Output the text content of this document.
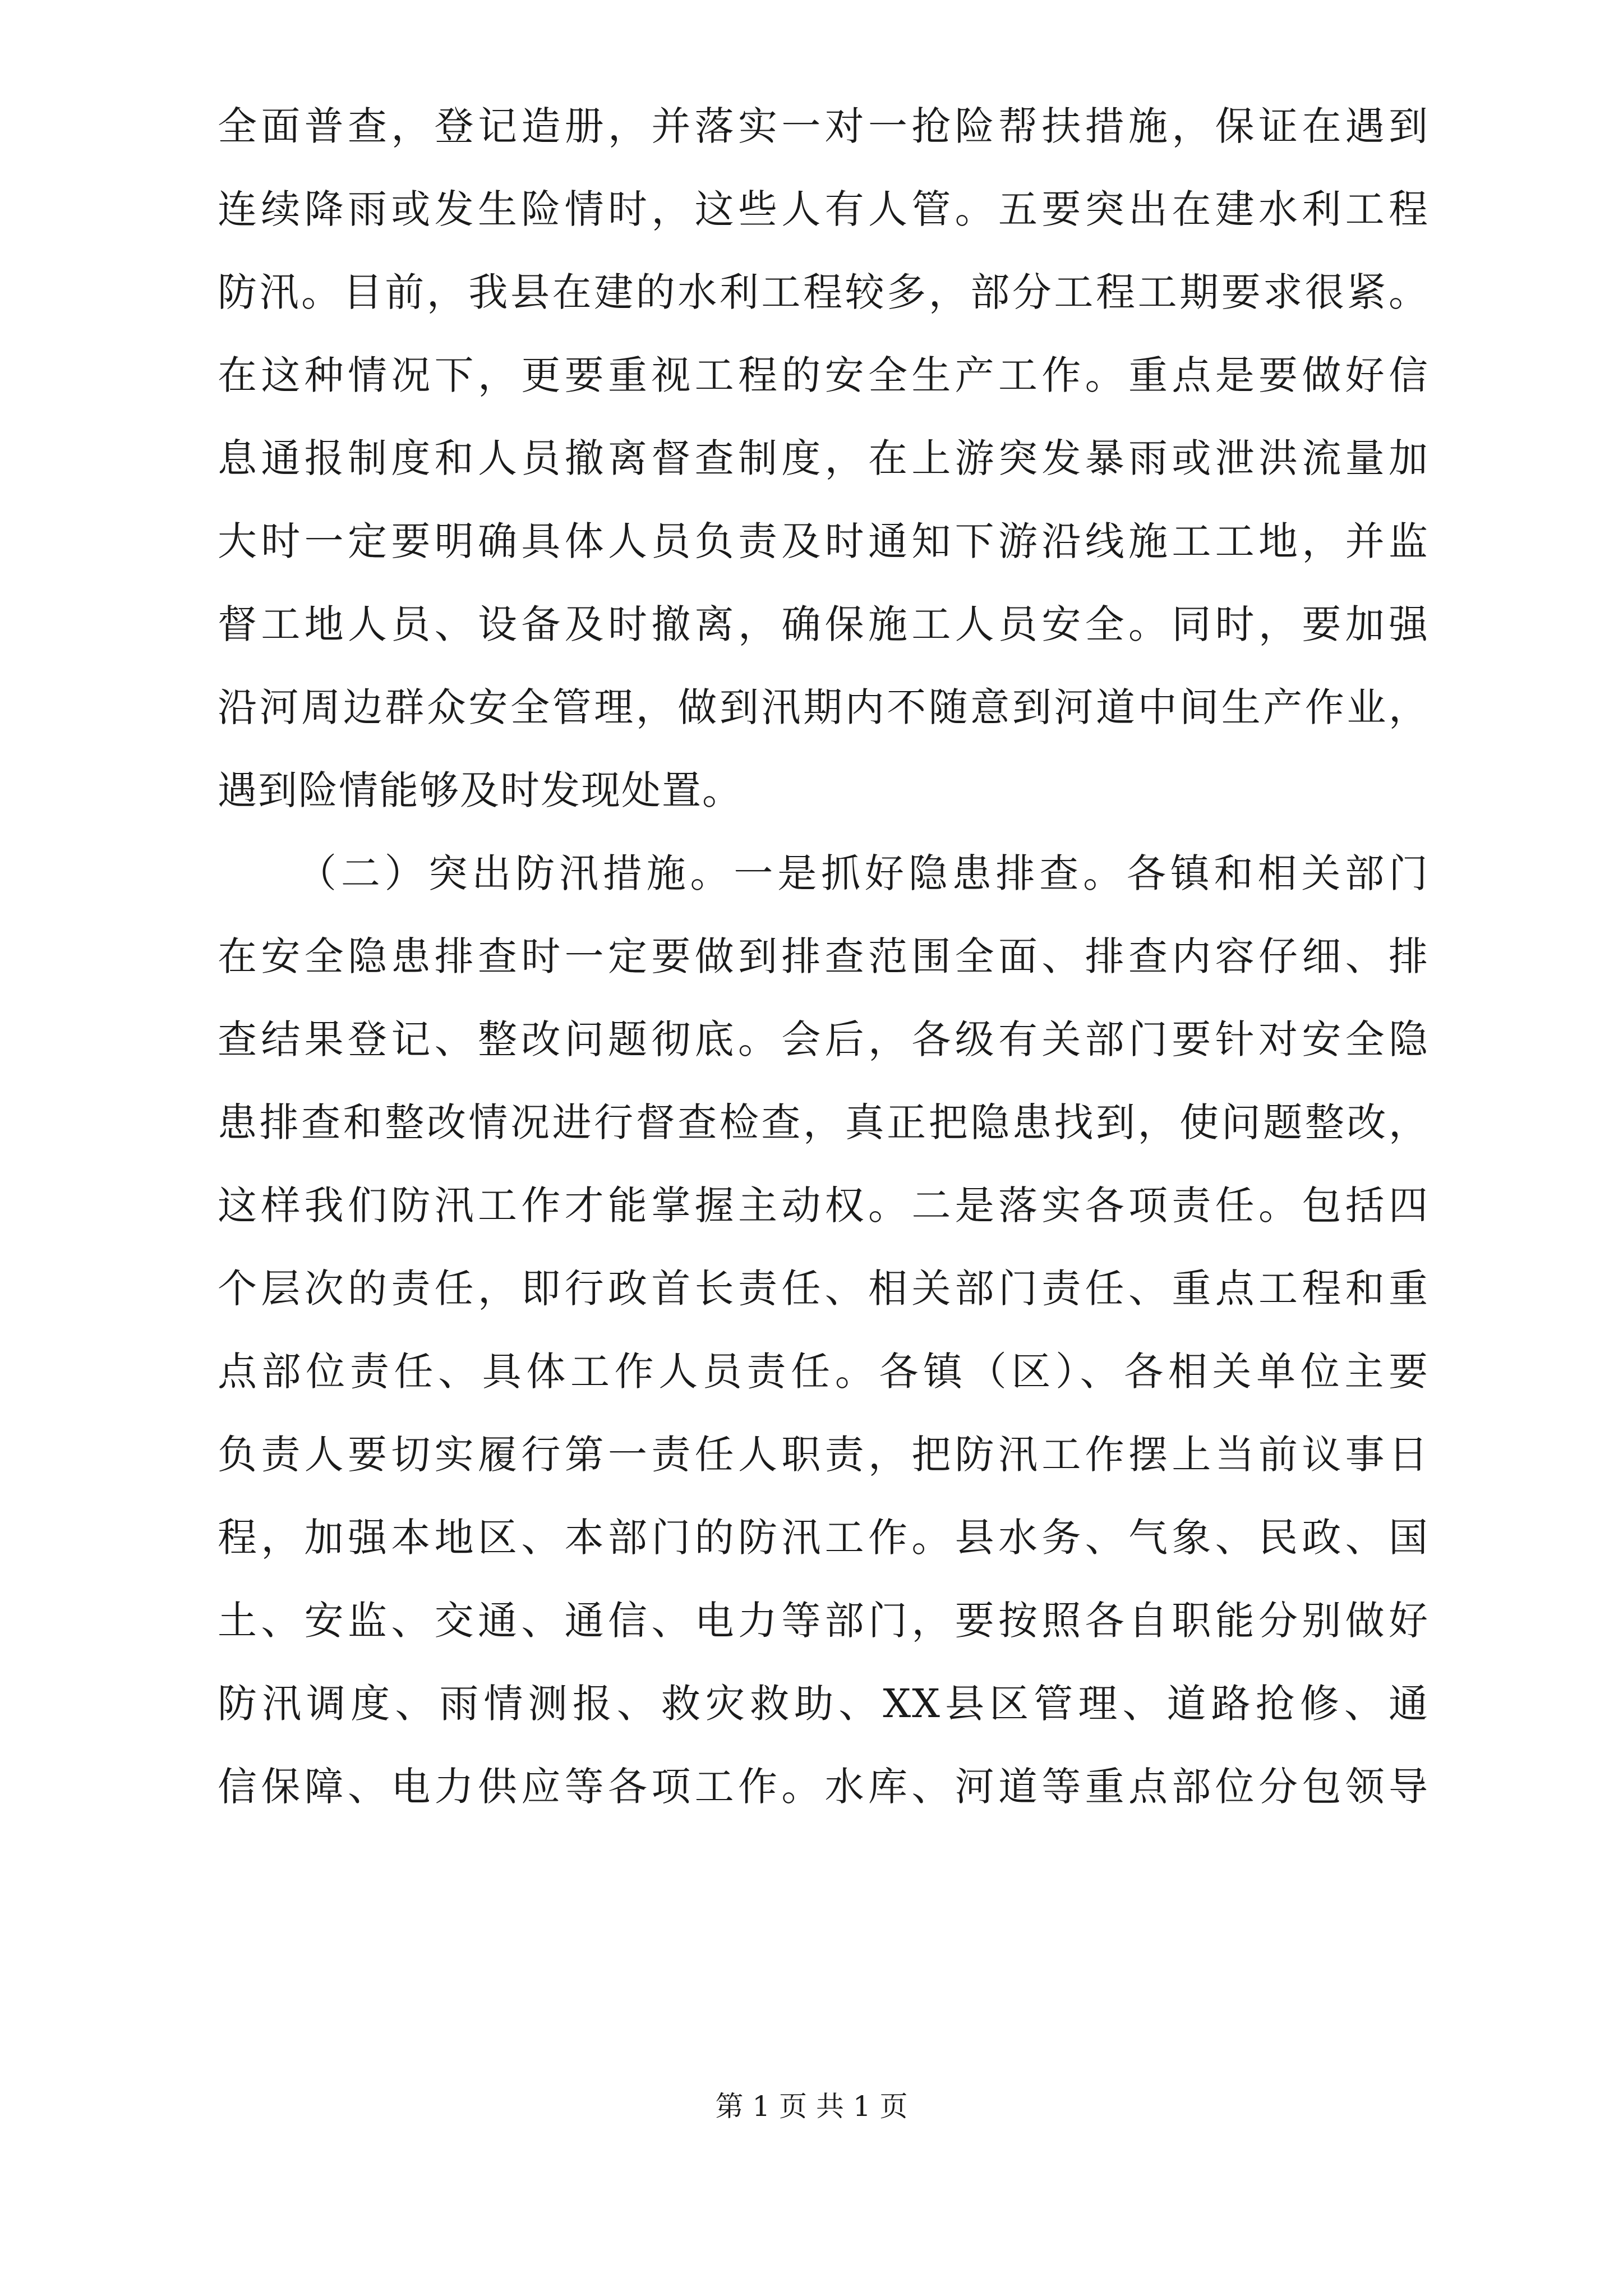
全面普查，登记造册，并落实一对一抢险帮扶措施，保证在遇到
连续降雨或发生险情时，这些人有人管。五要突出在建水利工程
防汛。目前，我县在建的水利工程较多，部分工程工期要求很紧。
在这种情况下，更要重视工程的安全生产工作。重点是要做好信
息通报制度和人员撤离督查制度，在上游突发暴雨或泄洪流量加
大时一定要明确具体人员负责及时通知下游沿线施工工地，并监
督工地人员、设备及时撤离，确保施工人员安全。同时，要加强
沿河周边群众安全管理，做到汛期内不随意到河道中间生产作业，
遇到险情能够及时发现处置。
（二）突出防汛措施。一是抓好隐患排查。各镇和相关部门
在安全隐患排查时一定要做到排查范围全面、排查内容仔细、排
查结果登记、整改问题彻底。会后，各级有关部门要针对安全隐
患排查和整改情况进行督查检查，真正把隐患找到，使问题整改，
这样我们防汛工作才能掌握主动权。二是落实各项责任。包括四
个层次的责任，即行政首长责任、相关部门责任、重点工程和重
点部位责任、具体工作人员责任。各镇（区）、各相关单位主要
负责人要切实履行第一责任人职责，把防汛工作摆上当前议事日
程，加强本地区、本部门的防汛工作。县水务、气象、民政、国
土、安监、交通、通信、电力等部门，要按照各自职能分别做好
防汛调度、雨情测报、救灾救助、XX县区管理、道路抢修、通
信保障、电力供应等各项工作。水库、河道等重点部位分包领导
第 1 页 共 1 页
